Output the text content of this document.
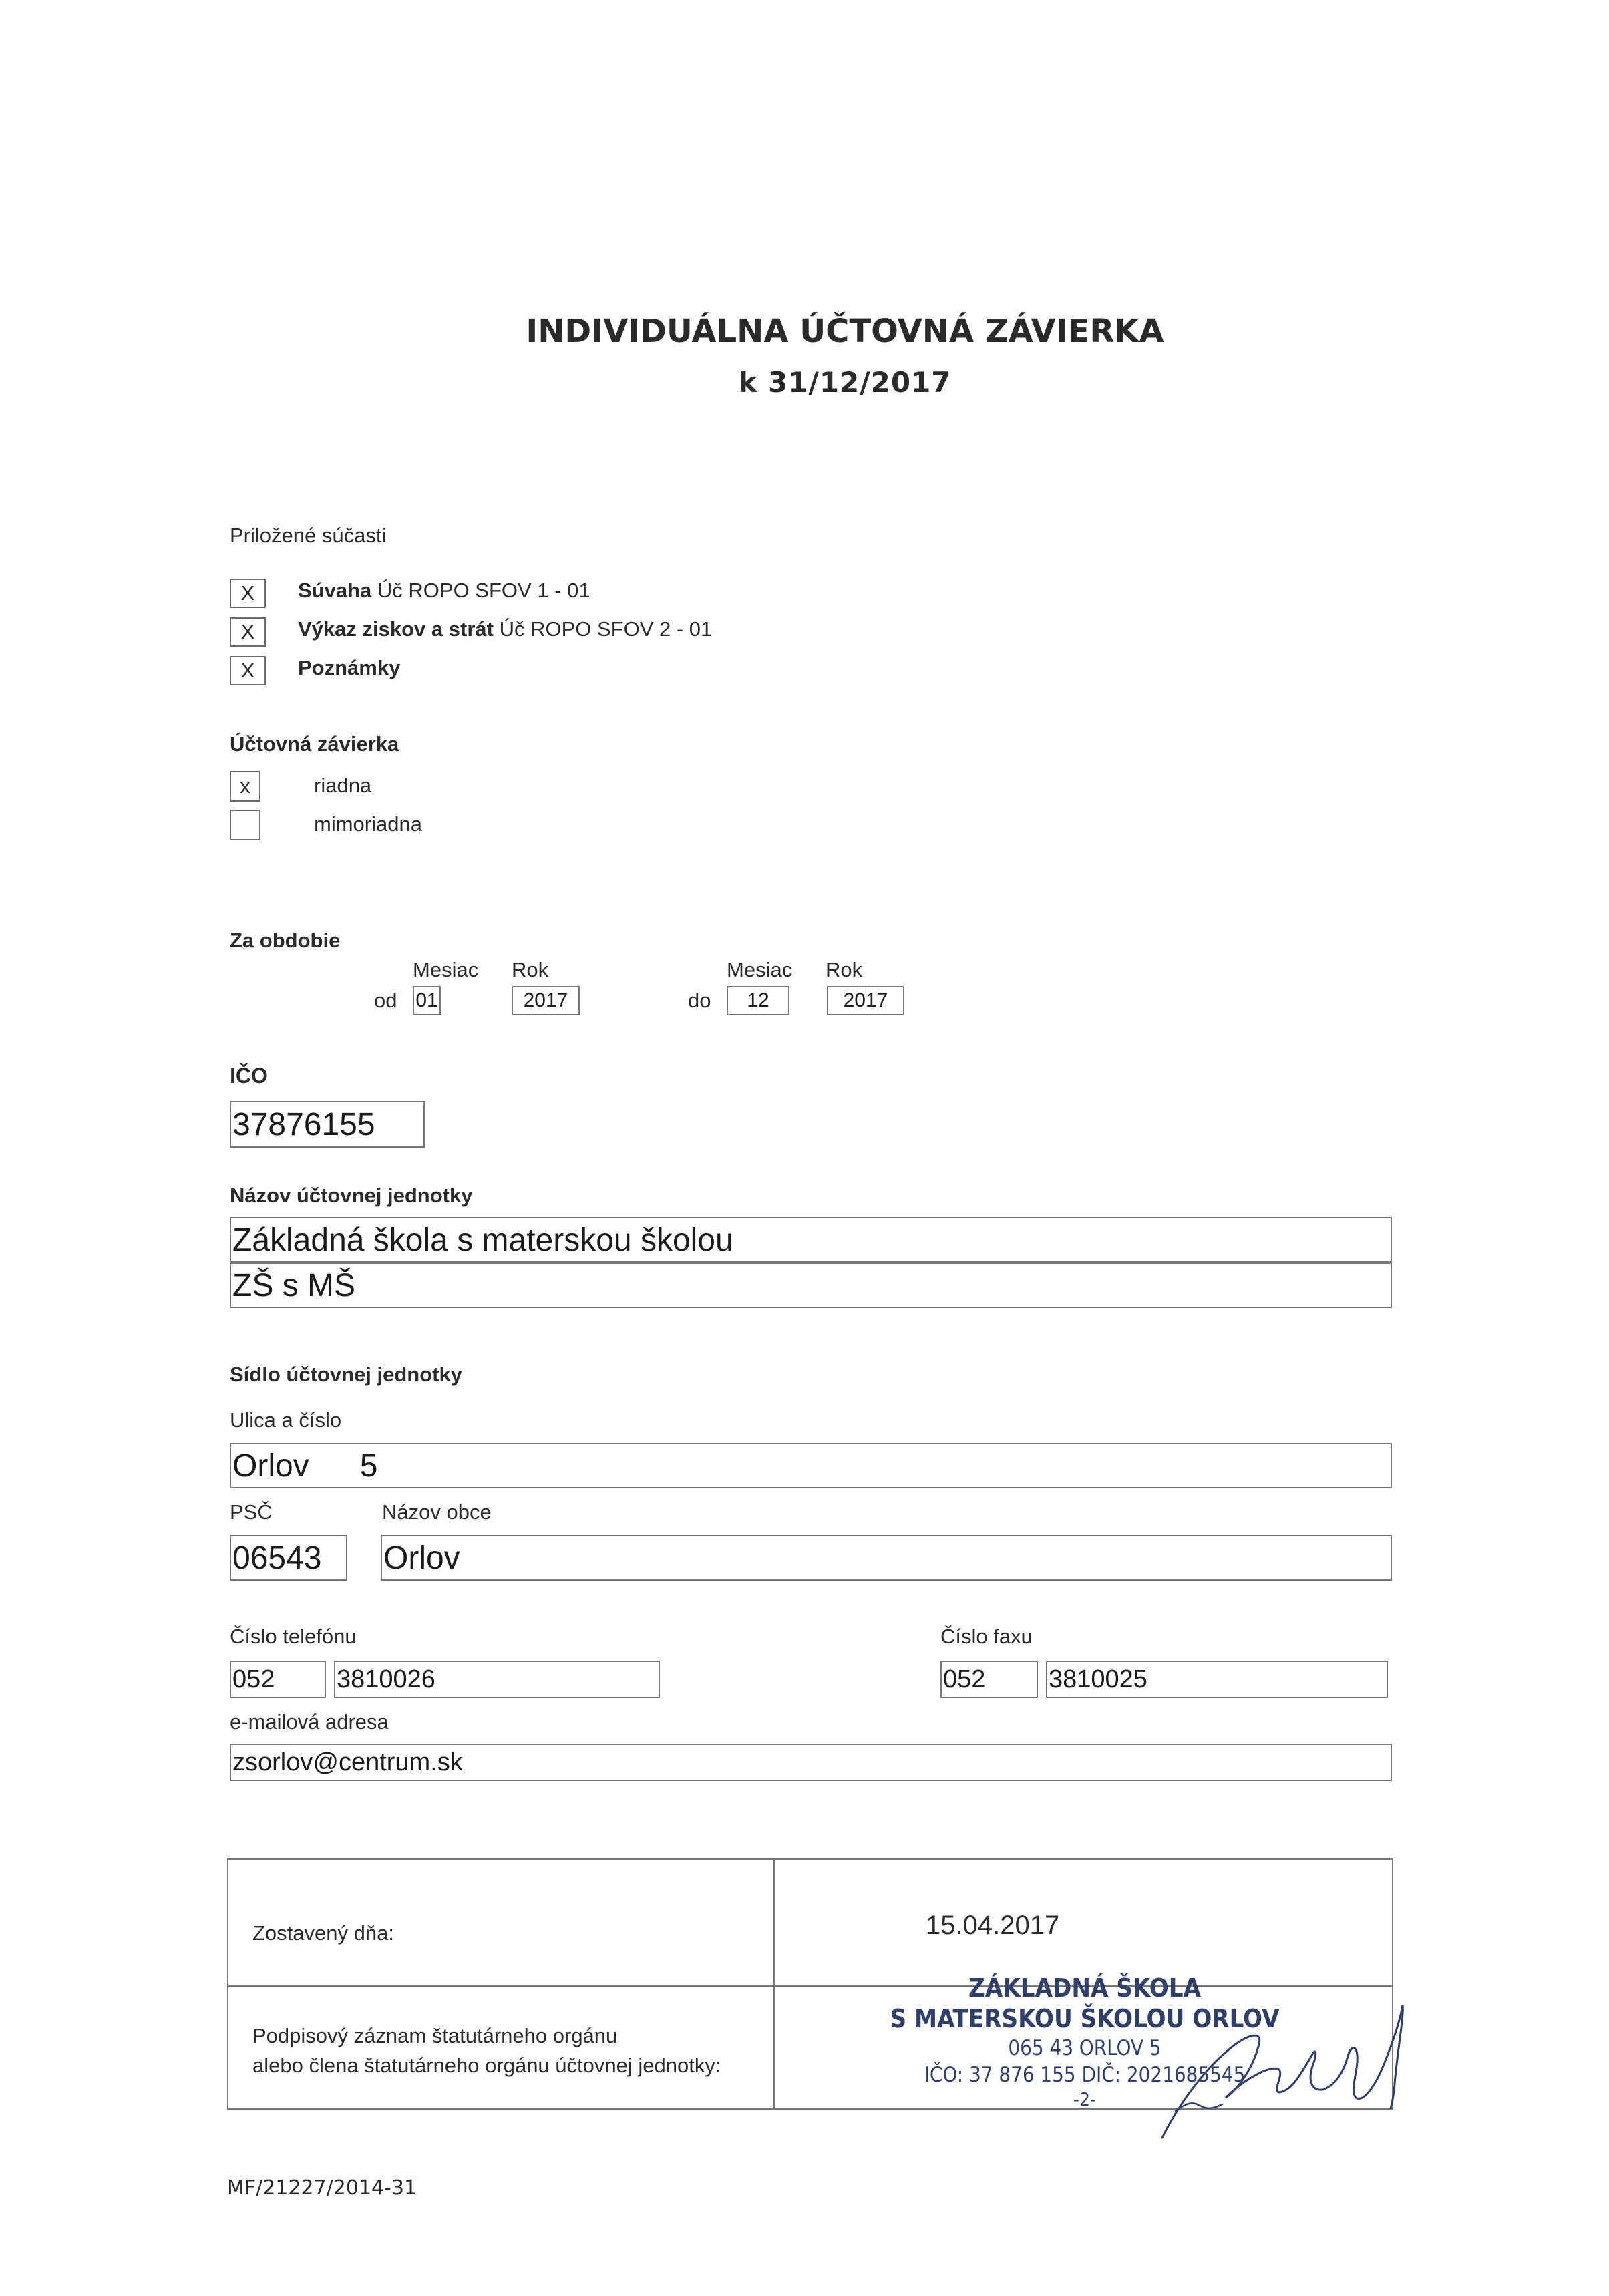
INDIVIDUÁLNA ÚČTOVNÁ ZÁVIERKA
k 31/12/2017
Priložené súčasti
X	Súvaha Úč ROPO SFOV 1 - 01
X	Výkaz ziskov a strát Úč ROPO SFOV 2 - 01
X	Poznámky
Účtovná závierka
x	riadna
mimoriadna
Za obdobie
Mesiac Rok	Mesiac Rok
od 01	2017	do	12	2017
IČO
37876155
Názov účtovnej jednotky
Základná škola s materskou školou
ZŠ s MŠ
Sídlo účtovnej jednotky
Ulica a číslo
Orlov 5
PSČ	Názov obce
06543	Orlov
Číslo telefónu	Číslo faxu
052	3810026	052	3810025
e-mailová adresa
zsorlov@centrum.sk
Zostavený dňa:	15.04.2017
Podpisový záznam štatutárneho orgánu
alebo člena štatutárneho orgánu účtovnej jednotky:
ZÁKLADNÁ ŠKOLA
S MATERSKOU ŠKOLOU ORLOV
065 43 ORLOV 5
IČO: 37 876 155 DIČ: 2021685545
-2-
MF/21227/2014-31
